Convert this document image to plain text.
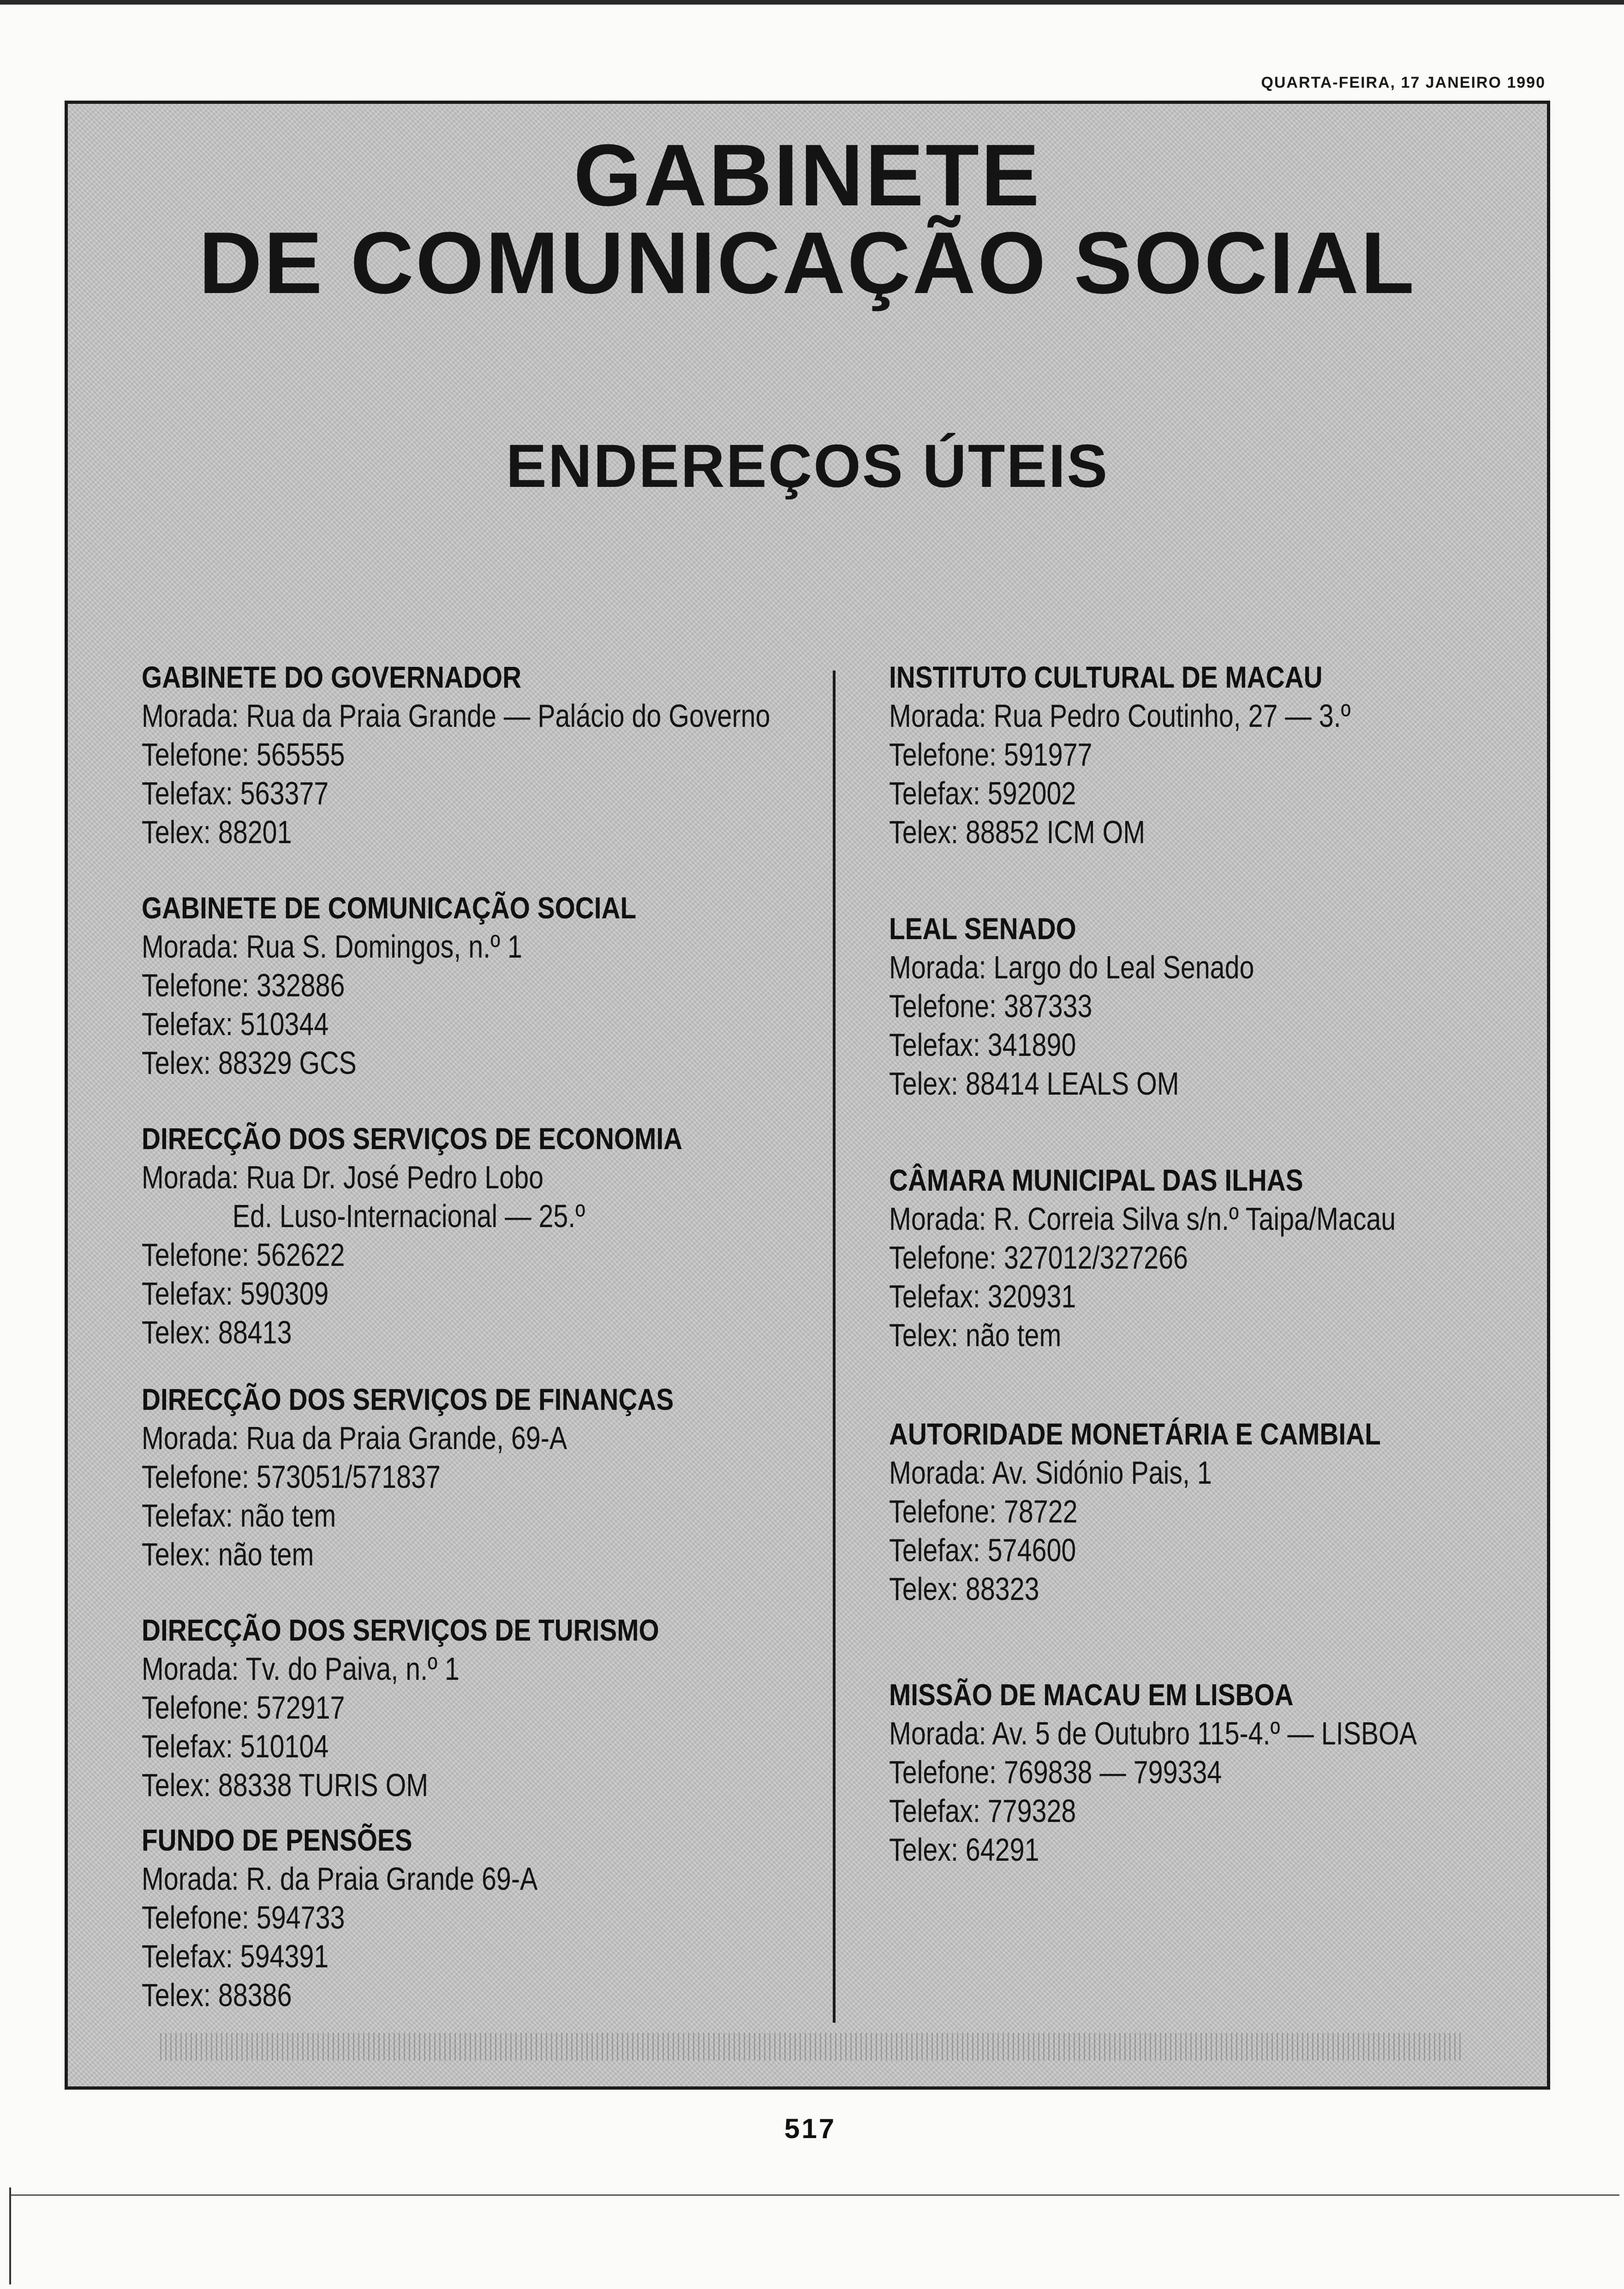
QUARTA-FEIRA, 17 JANEIRO 1990
GABINETE
DE COMUNICAÇÃO SOCIAL
ENDEREÇOS ÚTEIS
GABINETE DO GOVERNADOR
Morada: Rua da Praia Grande — Palácio do Governo
Telefone: 565555
Telefax: 563377
Telex: 88201
GABINETE DE COMUNICAÇÃO SOCIAL
Morada: Rua S. Domingos, n.º 1
Telefone: 332886
Telefax: 510344
Telex: 88329 GCS
DIRECÇÃO DOS SERVIÇOS DE ECONOMIA
Morada: Rua Dr. José Pedro Lobo
Ed. Luso-Internacional — 25.º
Telefone: 562622
Telefax: 590309
Telex: 88413
DIRECÇÃO DOS SERVIÇOS DE FINANÇAS
Morada: Rua da Praia Grande, 69-A
Telefone: 573051/571837
Telefax: não tem
Telex: não tem
DIRECÇÃO DOS SERVIÇOS DE TURISMO
Morada: Tv. do Paiva, n.º 1
Telefone: 572917
Telefax: 510104
Telex: 88338 TURIS OM
FUNDO DE PENSÕES
Morada: R. da Praia Grande 69-A
Telefone: 594733
Telefax: 594391
Telex: 88386
INSTITUTO CULTURAL DE MACAU
Morada: Rua Pedro Coutinho, 27 — 3.º
Telefone: 591977
Telefax: 592002
Telex: 88852 ICM OM
LEAL SENADO
Morada: Largo do Leal Senado
Telefone: 387333
Telefax: 341890
Telex: 88414 LEALS OM
CÂMARA MUNICIPAL DAS ILHAS
Morada: R. Correia Silva s/n.º Taipa/Macau
Telefone: 327012/327266
Telefax: 320931
Telex: não tem
AUTORIDADE MONETÁRIA E CAMBIAL
Morada: Av. Sidónio Pais, 1
Telefone: 78722
Telefax: 574600
Telex: 88323
MISSÃO DE MACAU EM LISBOA
Morada: Av. 5 de Outubro 115-4.º — LISBOA
Telefone: 769838 — 799334
Telefax: 779328
Telex: 64291
517
